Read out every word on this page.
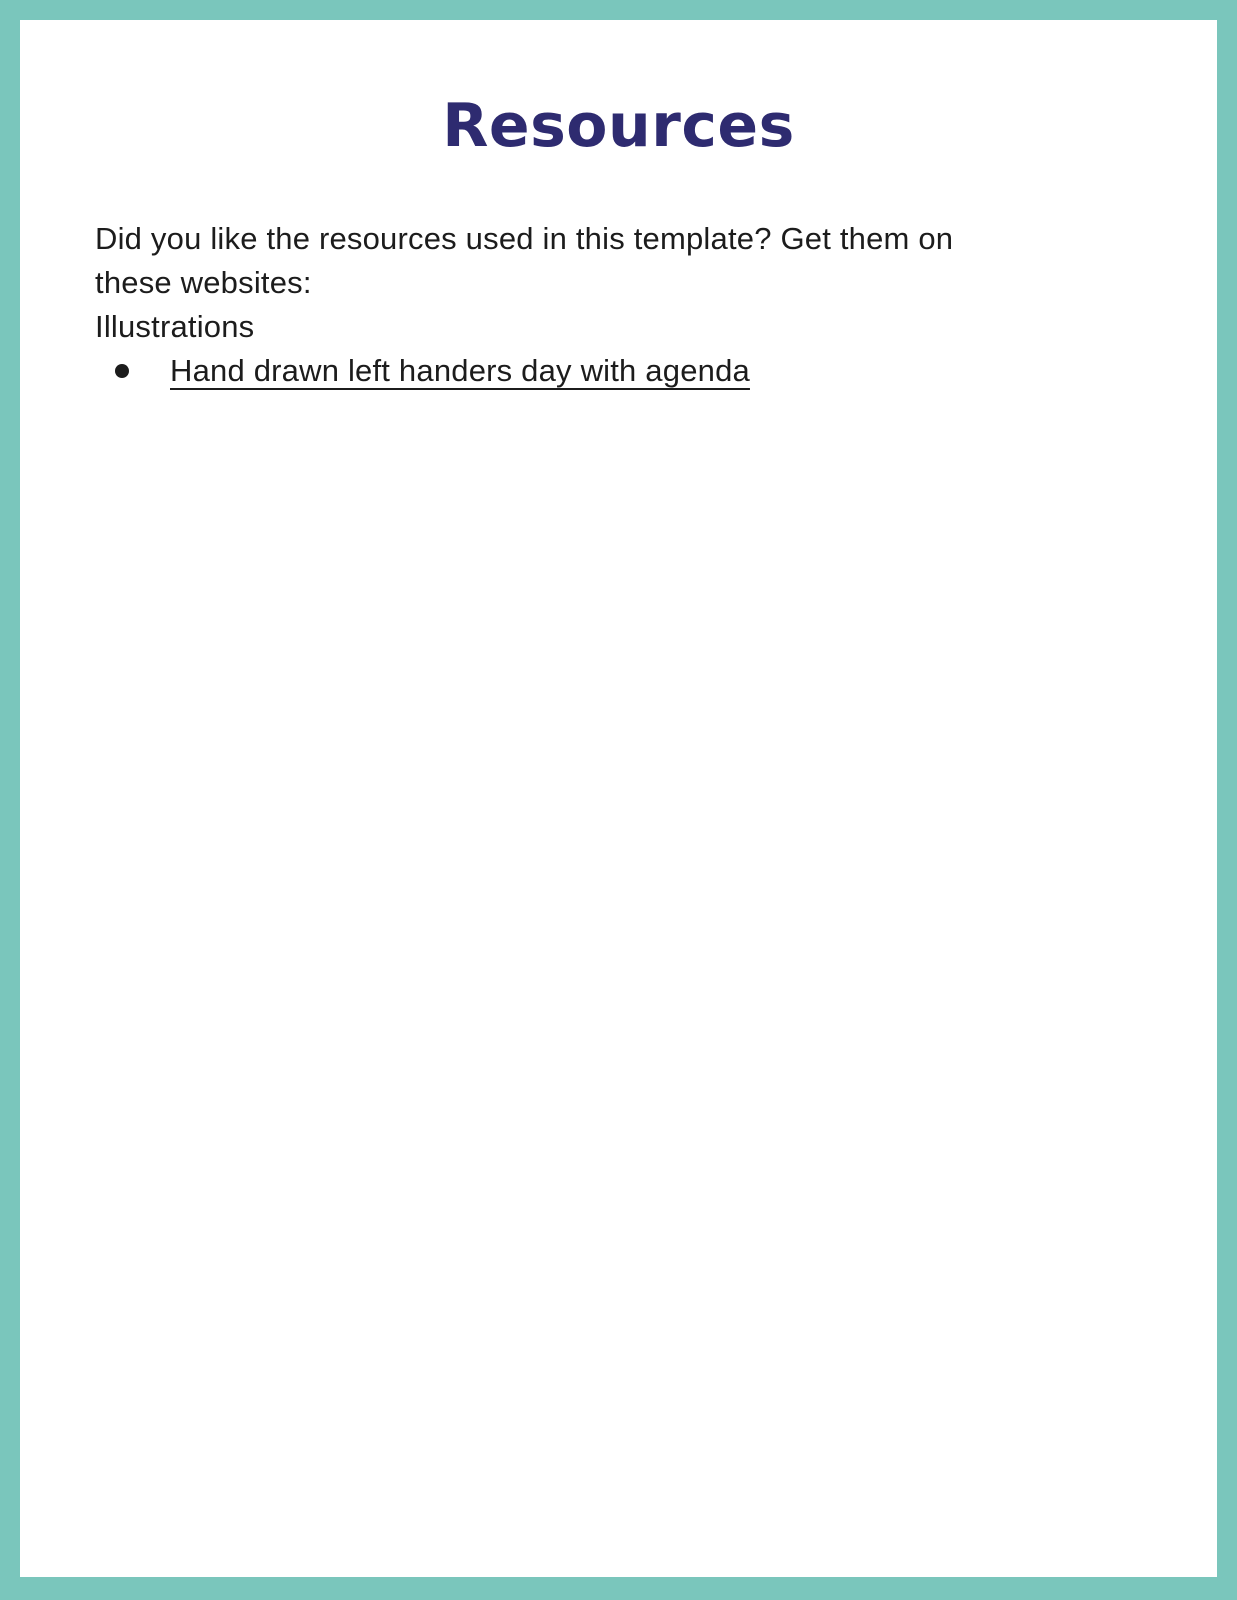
Resources
Did you like the resources used in this template? Get them on
these websites:
Illustrations
Hand drawn left handers day with agenda
